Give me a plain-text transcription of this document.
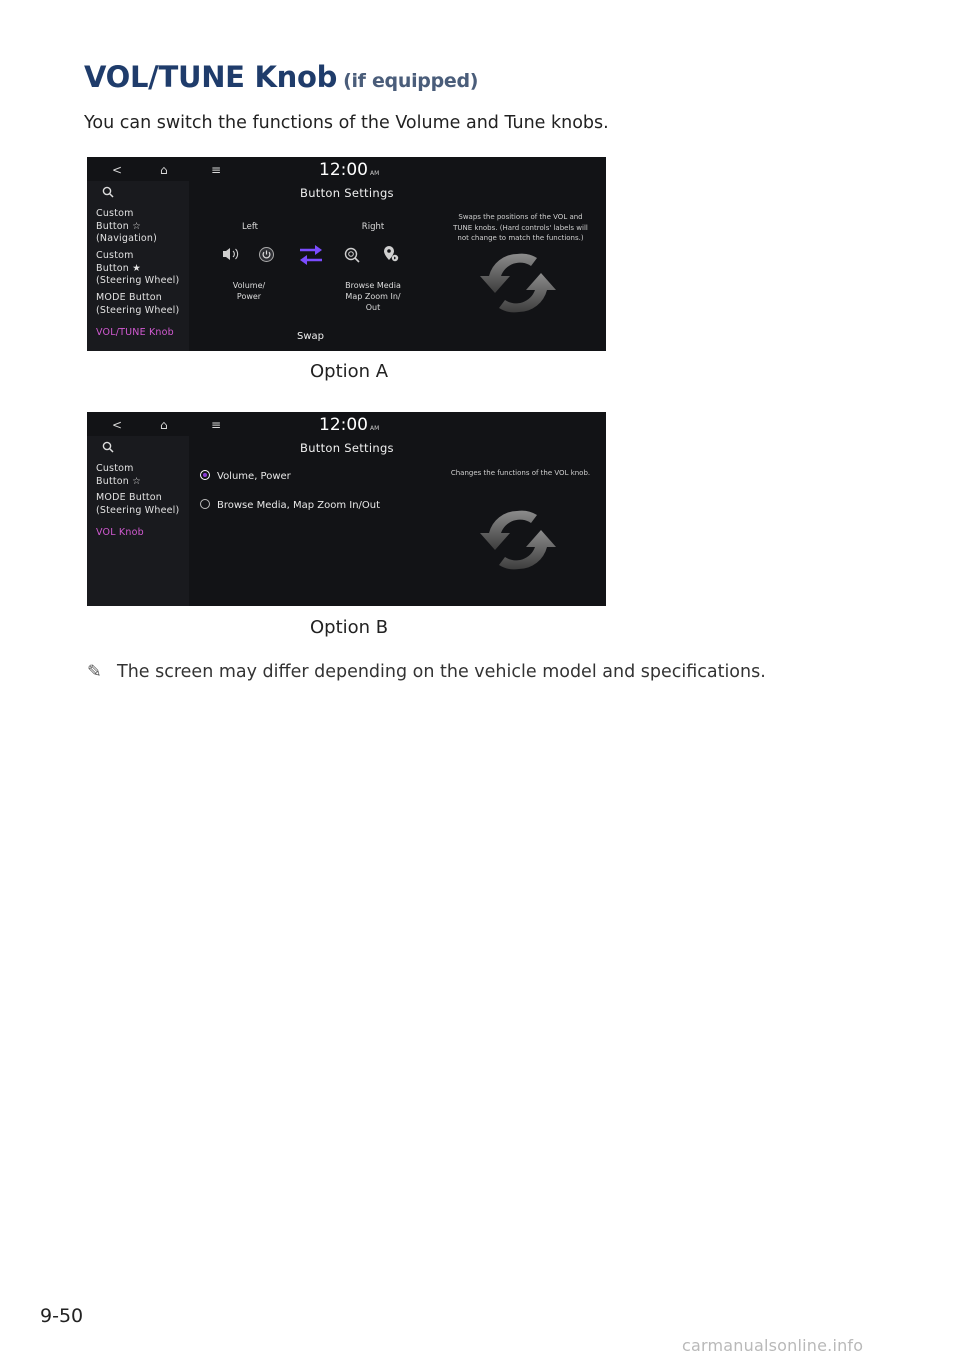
VOL/TUNE Knob (if equipped)
You can switch the functions of the Volume and Tune knobs.
<	⌂	≡	12:00 AM
Button Settings
Custom
Button ☆
(Navigation)
Custom
Button ★
(Steering Wheel)
MODE Button
(Steering Wheel)
VOL/TUNE Knob
Left	Right
Volume/
Power
Browse Media
Map Zoom In/
Out
Swap
Swaps the positions of the VOL and
TUNE knobs. (Hard controls' labels will
not change to match the functions.)
Option A
<	⌂	≡	12:00 AM
Button Settings
Custom
Button ☆
MODE Button
(Steering Wheel)
VOL Knob
Volume, Power
Browse Media, Map Zoom In/Out
Changes the functions of the VOL knob.
Option B
✎ The screen may differ depending on the vehicle model and specifications.
9-50
carmanualsonline.info
